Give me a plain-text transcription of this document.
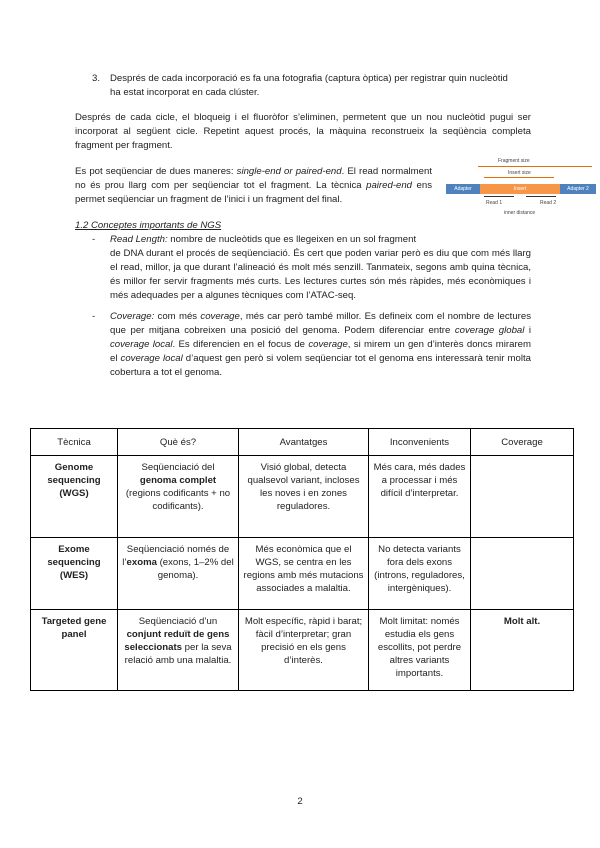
3. Després de cada incorporació es fa una fotografia (captura òptica) per registrar quin nucleòtid ha estat incorporat en cada clúster.

Després de cada cicle, el bloqueig i el fluoròfor s’eliminen, permetent que un nou nucleòtid pugui ser incorporat al següent cicle. Repetint aquest procés, la màquina reconstrueix la seqüència completa fragment per fragment.

Es pot seqüenciar de dues maneres: single-end or paired-end. El read normalment no és prou llarg com per seqüenciar tot el fragment. La tècnica paired-end ens permet seqüenciar un fragment de l’inici i un fragment del final.

Fragment size
Insert size
Adapter	Insert	Adapter 2
Read 1	Read 2
inner distance

1.2 Conceptes importants de NGS

- Read Length: nombre de nucleòtids que es llegeixen en un sol fragment

de DNA durant el procés de seqüenciació. És cert que poden variar però es diu que com més llarg el read, millor, ja que durant l’alineació és molt més senzill. Tanmateix, segons amb quina tècnica, és millor fer servir fragments més curts. Les lectures curtes són més ràpides, més econòmiques i més adequades per a algunes tècniques com l’ATAC-seq.

- Coverage: com més coverage, més car però també millor. Es defineix com el nombre de lectures que per mitjana cobreixen una posició del genoma. Podem diferenciar entre coverage global i coverage local. Es diferencien en el focus de coverage, si mirem un gen d’interès doncs mirarem el coverage local d’aquest gen però si volem seqüenciar tot el genoma ens interessarà tenir molta cobertura a tot el genoma.

Tècnica	Què és?	Avantatges	Inconvenients	Coverage
Genome sequencing (WGS)	Seqüenciació del genoma complet (regions codificants + no codificants).	Visió global, detecta qualsevol variant, incloses les noves i en zones reguladores.	Més cara, més dades a processar i més difícil d’interpretar.	
Exome sequencing (WES)	Seqüenciació només de l’exoma (exons, 1–2% del genoma).	Més econòmica que el WGS, se centra en les regions amb més mutacions associades a malaltia.	No detecta variants fora dels exons (introns, reguladores, intergèniques).	
Targeted gene panel	Seqüenciació d’un conjunt reduït de gens seleccionats per la seva relació amb una malaltia.	Molt específic, ràpid i barat; fàcil d’interpretar; gran precisió en els gens d’interès.	Molt limitat: només estudia els gens escollits, pot perdre altres variants importants.	Molt alt.
2
